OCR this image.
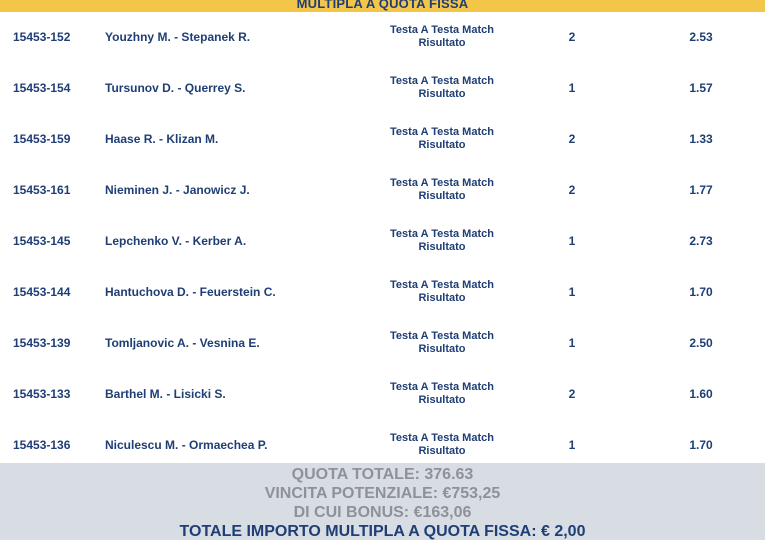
MULTIPLA A QUOTA FISSA
15453-152	Youzhny M. - Stepanek R.	Testa A Testa Match
Risultato	2	2.53
15453-154	Tursunov D. - Querrey S.	Testa A Testa Match
Risultato	1	1.57
15453-159	Haase R. - Klizan M.	Testa A Testa Match
Risultato	2	1.33
15453-161	Nieminen J. - Janowicz J.	Testa A Testa Match
Risultato	2	1.77
15453-145	Lepchenko V. - Kerber A.	Testa A Testa Match
Risultato	1	2.73
15453-144	Hantuchova D. - Feuerstein C.	Testa A Testa Match
Risultato	1	1.70
15453-139	Tomljanovic A. - Vesnina E.	Testa A Testa Match
Risultato	1	2.50
15453-133	Barthel M. - Lisicki S.	Testa A Testa Match
Risultato	2	1.60
15453-136	Niculescu M. - Ormaechea P.	Testa A Testa Match
Risultato	1	1.70
QUOTA TOTALE: 376.63
VINCITA POTENZIALE: €753,25
DI CUI BONUS: €163,06
TOTALE IMPORTO MULTIPLA A QUOTA FISSA: € 2,00
